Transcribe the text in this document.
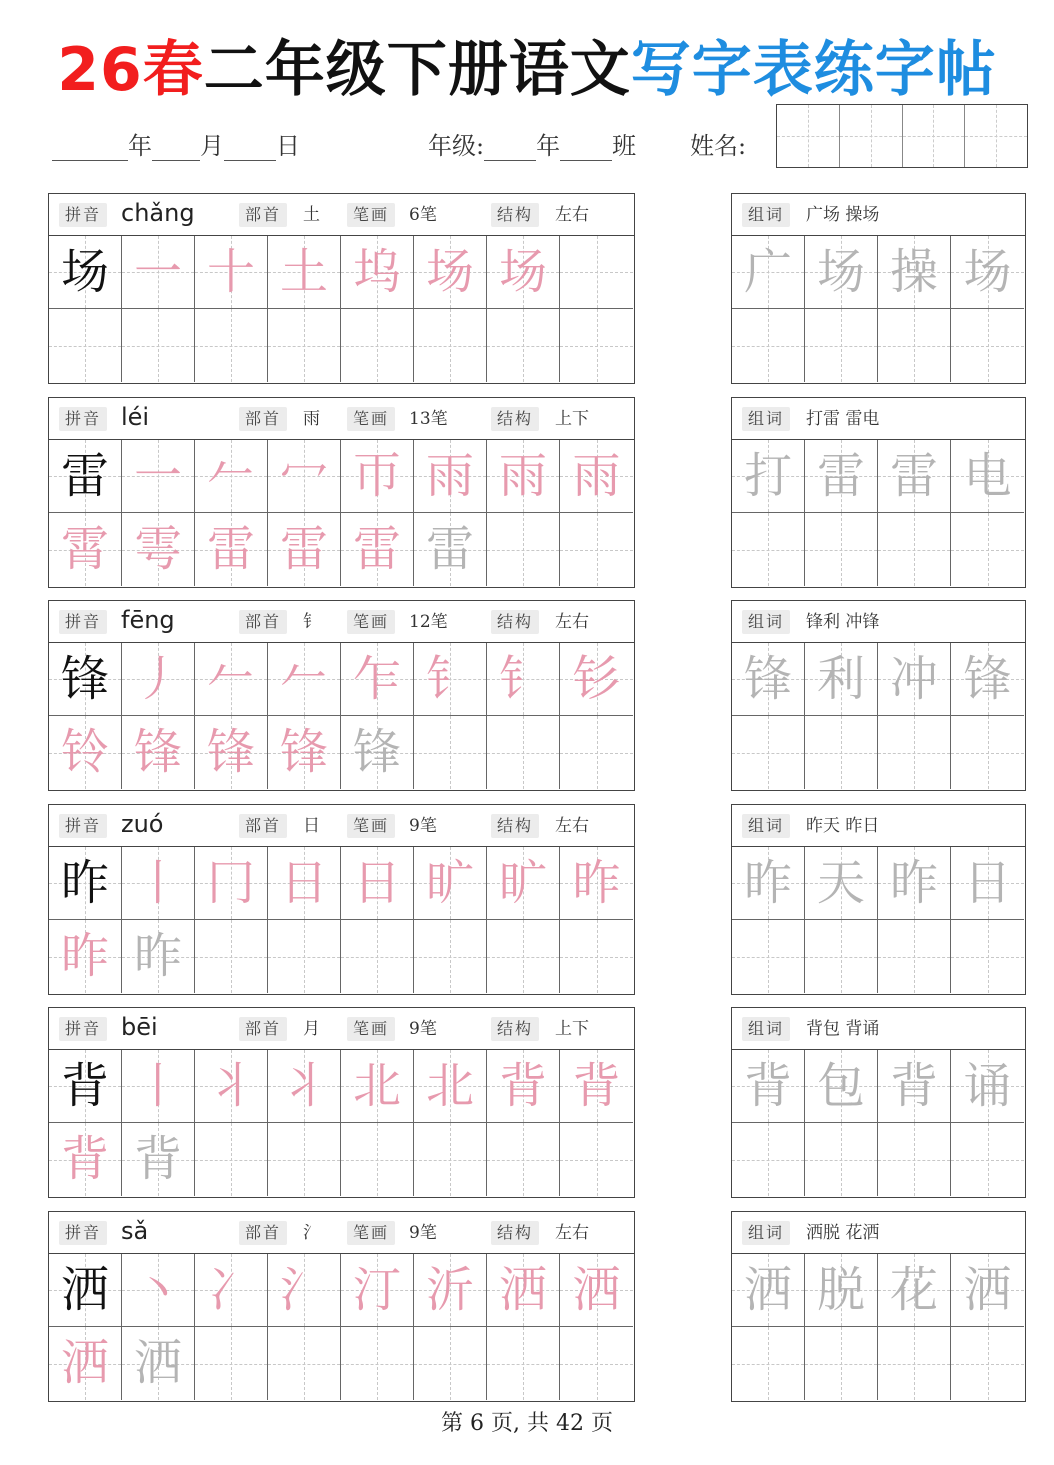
26春二年级下册语文写字表练字帖
年 月 日	年级: 年 班 姓名:
拼音 chǎng	部首	土	笔画	6笔	结构	左右
场 一 十 土 坞 场 场
组词	广场 操场
广 场 操 场
拼音 léi	部首	雨	笔画	13笔	结构	上下
雷 一 𠂉 冖 帀 雨 雨 雨
霄 雩 雷 雷 雷 雷
组词	打雷 雷电
打 雷 雷 电
拼音 fēng	部首	钅	笔画	12笔	结构	左右
锋 丿 𠂉 𠂉 乍 钅 钅 钐
铃 锋 锋 锋 锋
组词	锋利 冲锋
锋 利 冲 锋
拼音 zuó	部首	日	笔画	9笔	结构	左右
昨 丨 冂 日 日 旷 旷 昨
昨 昨
组词	昨天 昨日
昨 天 昨 日
拼音 bēi	部首	月	笔画	9笔	结构	上下
背 丨 丬 丬 北 北 背 背
背 背
组词	背包 背诵
背 包 背 诵
拼音 sǎ	部首	氵	笔画	9笔	结构	左右
洒 丶 冫 氵 汀 沂 洒 洒
洒 洒
组词	洒脱 花洒
洒 脱 花 洒
第 6 页, 共 42 页
